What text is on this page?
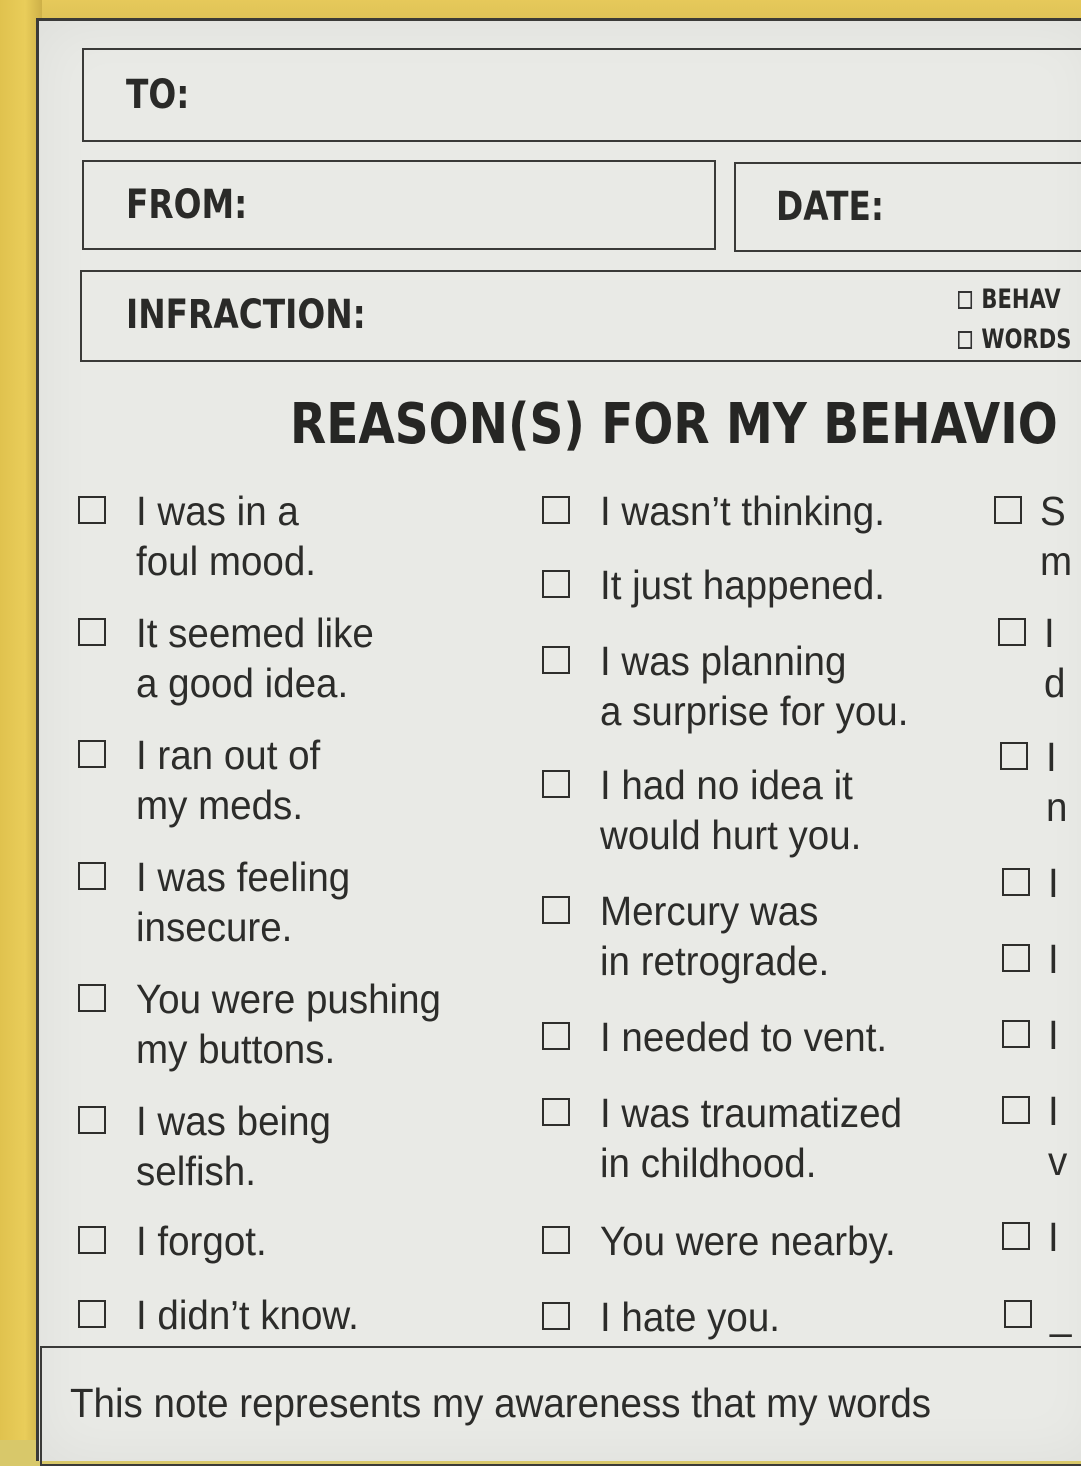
TO:
FROM:	DATE:
INFRACTION:	BEHAV
WORDS
REASON(S) FOR MY BEHAVIO
I was in a
foul mood.
It seemed like
a good idea.
I ran out of
my meds.
I was feeling
insecure.
You were pushing
my buttons.
I was being
selfish.
I forgot.
I didn’t know.
I wasn’t thinking.
It just happened.
I was planning
a surprise for you.
I had no idea it
would hurt you.
Mercury was
in retrograde.
I needed to vent.
I was traumatized
in childhood.
You were nearby.
I hate you.
S
m
I
d
I
n
I
I
I
I
v
I
_
This note represents my awareness that my words
